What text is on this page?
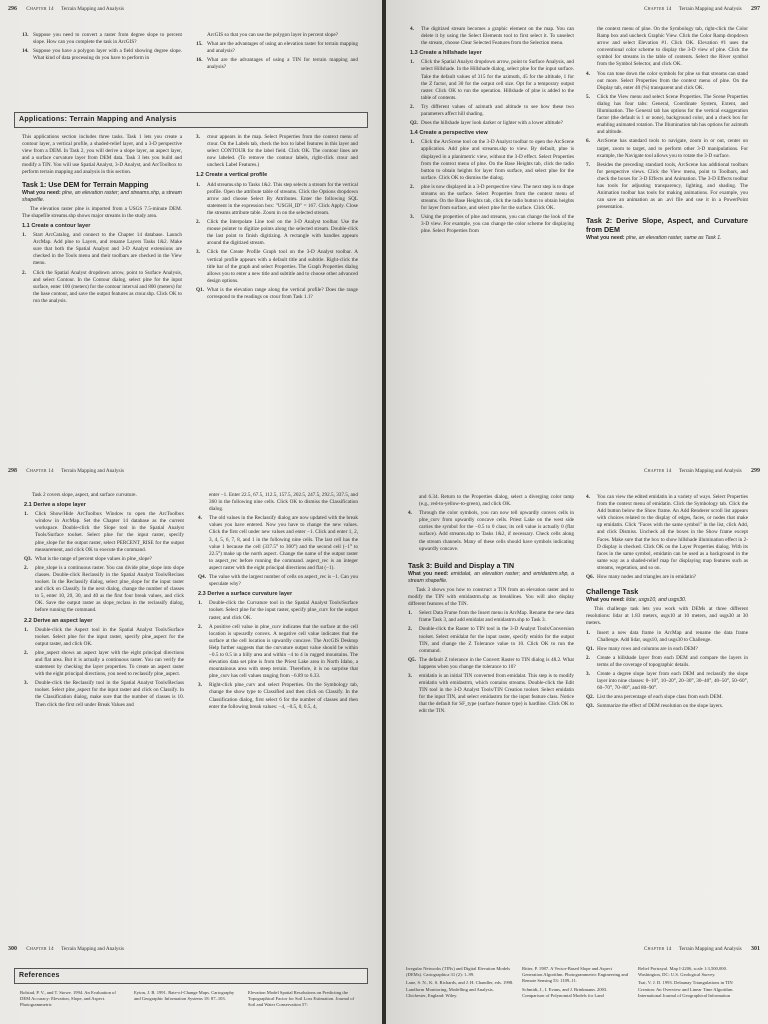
296 Chapter 14 Terrain Mapping and Analysis
13. Suppose you need to convert a raster from degree slope to percent slope. How can you complete the task in ArcGIS?
14. Suppose you have a polygon layer with a field showing degree slope. What kind of data processing do you have to perform in
ArcGIS so that you can use the polygon layer in percent slope?
15. What are the advantages of using an elevation raster for terrain mapping and analysis?
16. What are the advantages of using a TIN for terrain mapping and analysis?
Applications: Terrain Mapping and Analysis

This applications section includes three tasks. Task 1 lets you create a contour layer, a vertical profile, a shaded-relief layer, and a 3-D perspective view from a DEM. In Task 2, you will derive a slope layer, an aspect layer, and a surface curvature layer from DEM data. Task 3 lets you build and modify a TIN. You will use Spatial Analyst, 3-D Analyst, and ArcToolbox to perform terrain mapping and analysis in this section.

Task 1: Use DEM for Terrain Mapping

What you need: plne, an elevation raster; and streams.shp, a stream shapefile.

The elevation raster plne is imported from a USGS 7.5-minute DEM. The shapefile streams.shp shows major streams in the study area.

1.1 Create a contour layer
1. Start ArcCatalog, and connect to the Chapter 14 database. Launch ArcMap. Add plne to Layers, and rename Layers Tasks 1&2. Make sure that both the Spatial Analyst and 3-D Analyst extensions are checked in the Tools menu and their toolbars are checked in the View menu.
2. Click the Spatial Analyst dropdown arrow, point to Surface Analysis, and select Contour. In the Contour dialog, select plne for the input surface, enter 100 (meters) for the contour interval and 800 (meters) for the base contour, and save the output features as ctour.shp. Click OK to run the analysis.
3. ctour appears in the map. Select Properties from the context menu of ctour. On the Labels tab, check the box to label features in this layer and select CONTOUR for the label field. Click OK. The contour lines are now labeled. (To remove the contour labels, right-click ctour and uncheck Label Features.)
1.2 Create a vertical profile
1. Add streams.shp to Tasks 1&2. This step selects a stream for the vertical profile. Open the attribute table of streams. Click the Options dropdown arrow and choose Select By Attributes. Enter the following SQL statement in the expression box: "USGH_ID" = 167. Click Apply. Close the streams attribute table. Zoom in on the selected stream.
2. Click the Interpolate Line tool on the 3-D Analyst toolbar. Use the mouse pointer to digitize points along the selected stream. Double-click the last point to finish digitizing. A rectangle with handles appears around the digitized stream.
3. Click the Create Profile Graph tool on the 3-D Analyst toolbar. A vertical profile appears with a default title and subtitle. Right-click the title bar of the graph and select Properties. The Graph Properties dialog allows you to enter a new title and subtitle and to choose other advanced design options.
Q1. What is the elevation range along the vertical profile? Does the range correspond to the readings on ctour from Task 1.1?
Chapter 14 Terrain Mapping and Analysis 297
4. The digitized stream becomes a graphic element on the map. You can delete it by using the Select Elements tool to first select it. To unselect the stream, choose Clear Selected Features from the Selection menu.
1.3 Create a hillshade layer
1. Click the Spatial Analyst dropdown arrow, point to Surface Analysis, and select Hillshade. In the Hillshade dialog, select plne for the input surface. Take the default values of 315 for the azimuth, 45 for the altitude, 1 for the Z factor, and 30 for the output cell size. Opt for a temporary output raster. Click OK to run the operation. Hillshade of plne is added to the table of contents.
2. Try different values of azimuth and altitude to see how these two parameters affect hill shading.
Q2. Does the hillshade layer look darker or lighter with a lower altitude?
1.4 Create a perspective view
1. Click the ArcScene tool on the 3-D Analyst toolbar to open the ArcScene application. Add plne and streams.shp to view. By default, plne is displayed in a planimetric view, without the 3-D effect. Select Properties from the context menu of plne. On the Base Heights tab, click the radio button to obtain heights for layer from surface, and select plne for the surface. Click OK to dismiss the dialog.
2. plne is now displayed in a 3-D perspective view. The next step is to drape streams on the surface. Select Properties from the context menu of streams. On the Base Heights tab, click the radio button to obtain heights for layer from surface, and select plne for the surface. Click OK.
3. Using the properties of plne and streams, you can change the look of the 3-D view. For example, you can change the color scheme for displaying plne. Select Properties from

the context menu of plne. On the Symbology tab, right-click the Color Ramp box and uncheck Graphic View. Click the Color Ramp dropdown arrow and select Elevation #1. Click OK. Elevation #1 uses the conventional color scheme to display the 3-D view of plne. Click the symbol for streams in the table of contents. Select the River symbol from the Symbol Selector, and click OK.

4. You can tone down the color symbols for plne so that streams can stand out more. Select Properties from the context menu of plne. On the Display tab, enter 40 (%) transparent and click OK.
5. Click the View menu and select Scene Properties. The Scene Properties dialog has four tabs: General, Coordinate System, Extent, and Illumination. The General tab has options for the vertical exaggeration factor (the default is 1 or none), background color, and a check box for enabling animated rotation. The Illumination tab has options for azimuth and altitude.
6. ArcScene has standard tools to navigate, zoom in or out, center on target, zoom to target, and to perform other 3-D manipulations. For example, the Navigate tool allows you to rotate the 3-D surface.
7. Besides the preceding standard tools, ArcScene has additional toolbars for perspective views. Click the View menu, point to Toolbars, and check the boxes for 3-D Effects and Animation. The 3-D Effects toolbar has tools for adjusting transparency, lighting, and shading. The Animation toolbar has tools for making animations. For example, you can save an animation as an .avi file and use it in a PowerPoint presentation.
Task 2: Derive Slope, Aspect, and Curvature from DEM

What you need: plne, an elevation raster, same as Task 1.

298 Chapter 14 Terrain Mapping and Analysis

Task 2 covers slope, aspect, and surface curvature.

2.1 Derive a slope layer
1. Click Show/Hide ArcToolbox Window to open the ArcToolbox window in ArcMap. Set the Chapter 14 database as the current workspace. Double-click the Slope tool in the Spatial Analyst Tools/Surface toolset. Select plne for the input raster, specify plne_slope for the output raster, select PERCENT_RISE for the output measurement, and click OK to execute the command.
Q3. What is the range of percent slope values in plne_slope?
2. plne_slope is a continuous raster. You can divide plne_slope into slope classes. Double-click Reclassify in the Spatial Analyst Tools/Reclass toolset. In the Reclassify dialog, select plne_slope for the input raster and click on Classify. In the next dialog, change the number of classes to 5, enter 10, 20, 30, and 40 as the first four break values, and click OK. Save the output raster as slope_reclass in the reclassify dialog, before running the command.
2.2 Derive an aspect layer
1. Double-click the Aspect tool in the Spatial Analyst Tools/Surface toolset. Select plne for the input raster, specify plne_aspect for the output raster, and click OK.
2. plne_aspect shows an aspect layer with the eight principal directions and flat area. But it is actually a continuous raster. You can verify the statement by checking the layer properties. To create an aspect raster with the eight principal directions, you need to reclassify plne_aspect.
3. Double-click the Reclassify tool in the Spatial Analyst Tools/Reclass toolset. Select plne_aspect for the input raster and click on Classify. In the Classification dialog, make sure that the number of classes is 10. Then click the first cell under Break Values and

enter −1. Enter 22.5, 67.5, 112.5, 157.5, 202.5, 247.5, 292.5, 337.5, and 360 in the following nine cells. Click OK to dismiss the Classification dialog.

4. The old values in the Reclassify dialog are now updated with the break values you have entered. Now you have to change the new values. Click the first cell under new values and enter −1. Click and enter 1, 2, 3, 4, 5, 6, 7, 8, and 1 in the following nine cells. The last cell has the value 1 because the cell (337.5° to 360°) and the second cell (−1° to 22.5°) make up the north aspect. Change the name of the output raster to aspect_rec before running the command. aspect_rec is an integer aspect raster with the eight principal directions and flat (−1).
Q4. The value with the largest number of cells on aspect_rec is −1. Can you speculate why?
2.3 Derive a surface curvature layer
1. Double-click the Curvature tool in the Spatial Analyst Tools/Surface toolset. Select plne for the input raster, specify plne_curv for the output raster, and click OK.
2. A positive cell value in plne_curv indicates that the surface at the cell location is upwardly convex. A negative cell value indicates that the surface at the cell location is upwardly concave. The ArcGIS Desktop Help further suggests that the curvature output value should be within −0.5 to 0.5 in a hilly area and within −4 to 4 in rugged mountains. The elevation data set plne is from the Priest Lake area in North Idaho, a mountainous area with steep terrain. Therefore, it is no surprise that plne_curv has cell values ranging from −6.89 to 6.33.
3. Right-click plne_curv and select Properties. On the Symbology tab, change the show type to Classified and then click on Classify. In the Classification dialog, first select 6 for the number of classes and then enter the following break values: −4, −0.5, 0, 0.5, 4,
Chapter 14 Terrain Mapping and Analysis 299

and 6.34. Return to the Properties dialog, select a diverging color ramp (e.g., red-to-yellow-to-green), and click OK.

4. Through the color symbols, you can now tell upwardly convex cells in plne_curv from upwardly concave cells. Priest Lake on the west side carries the symbol for the −0.5 to 0 class; its cell value is actually 0 (flat surface). Add streams.shp to Tasks 1&2, if necessary. Check cells along the stream channels. Many of these cells should have symbols indicating upwardly concave.
Task 3: Build and Display a TIN

What you need: emidalat, an elevation raster; and emidastrm.shp, a stream shapefile.

Task 3 shows you how to construct a TIN from an elevation raster and to modify the TIN with emidastrm.shp as breaklines. You will also display different features of the TIN.

1. Select Data Frame from the Insert menu in ArcMap. Rename the new data frame Task 3, and add emidalat and emidastrm.shp to Task 3.
2. Double-click the Raster to TIN tool in the 3-D Analyst Tools/Conversion toolset. Select emidalat for the input raster, specify emitin for the output TIN, and change the Z Tolerance value to 10. Click OK to run the command.
Q5. The default Z tolerance in the Convert Raster to TIN dialog is 48.2. What happens when you change the tolerance to 10?
3. emidatin is an initial TIN converted from emidalat. This step is to modify emidatin with emidastrm, which contains streams. Double-click the Edit TIN tool in the 3-D Analyst Tools/TIN Creation toolset. Select emidatin for the input TIN, and select emidastrm for the input feature class. Notice that the default for SF_type (surface feature type) is hardline. Click OK to edit the TIN.
4. You can view the edited emidatin in a variety of ways. Select Properties from the context menu of emidatin. Click the Symbology tab. Click the Add button below the Show frame. An Add Renderer scroll list appears with choices related to the display of edges, faces, or nodes that make up emidatin. Click "Faces with the same symbol" in the list, click Add, and click Dismiss. Uncheck all the boxes in the Show frame except Faces. Make sure that the box to show hillshade illumination effect in 2-D display is checked. Click OK on the Layer Properties dialog. With its faces in the same symbol, emidatin can be used as a background in the same way as a shaded-relief map for displaying map features such as streams, vegetation, and so on.
Q6. How many nodes and triangles are in emidatin?
Challenge Task

What you need: lidar, usgs10, and usgs30.

This challenge task lets you work with DEMs at three different resolutions: lidar at 1.83 meters, usgs10 at 10 meters, and usgs30 at 30 meters.

1. Insert a new data frame in ArcMap and rename the data frame Challenge. Add lidar, usgs10, and usgs30 to Challenge.
Q1. How many rows and columns are in each DEM?
2. Create a hillshade layer from each DEM and compare the layers in terms of the coverage of topographic details.
3. Create a degree slope layer from each DEM and reclassify the slope layer into nine classes: 0–10°, 10–20°, 20–30°, 30–40°, 40–50°, 50–60°, 60–70°, 70–80°, and 80–90°.
Q2. List the area percentage of each slope class from each DEM.
Q3. Summarize the effect of DEM resolution on the slope layers.
300 Chapter 14 Terrain Mapping and Analysis
References
Bolstad, P. V., and T. Stowe. 1994. An Evaluation of DEM Accuracy: Elevation, Slope, and Aspect. Photogrammetric
Eyton, J. R. 1991. Rate-of-Change Maps. Cartography and Geographic Information Systems 18: 87–103.
Elevation Model Spatial Resolutions on Predicting the Topographical Factor for Soil Loss Estimation. Journal of Soil and Water Conservation 57:
Chapter 14 Terrain Mapping and Analysis 301
Irregular Networks (TINs) and Digital Elevation Models (DEMs). Cartographica 31 (2): 1–99.
Lane, S. N., K. S. Richards, and J. H. Chandler, eds. 1998. Landform Monitoring, Modelling and Analysis. Chichester, England: Wiley.
Ritter, P. 1987. A Vector-Based Slope and Aspect Generation Algorithm. Photogrammetric Engineering and Remote Sensing 53: 1109–11.
Schmidt, J., I. Evans, and J. Brinkmann. 2003. Comparison of Polynomial Models for Land
Relief Portrayal. Map I-2206, scale 1:3,500,000. Washington, DC: U.S. Geological Survey.
Tsai, V. J. D. 1993. Delaunay Triangulations in TIN Creation: An Overview and Linear Time Algorithm. International Journal of Geographical Information
